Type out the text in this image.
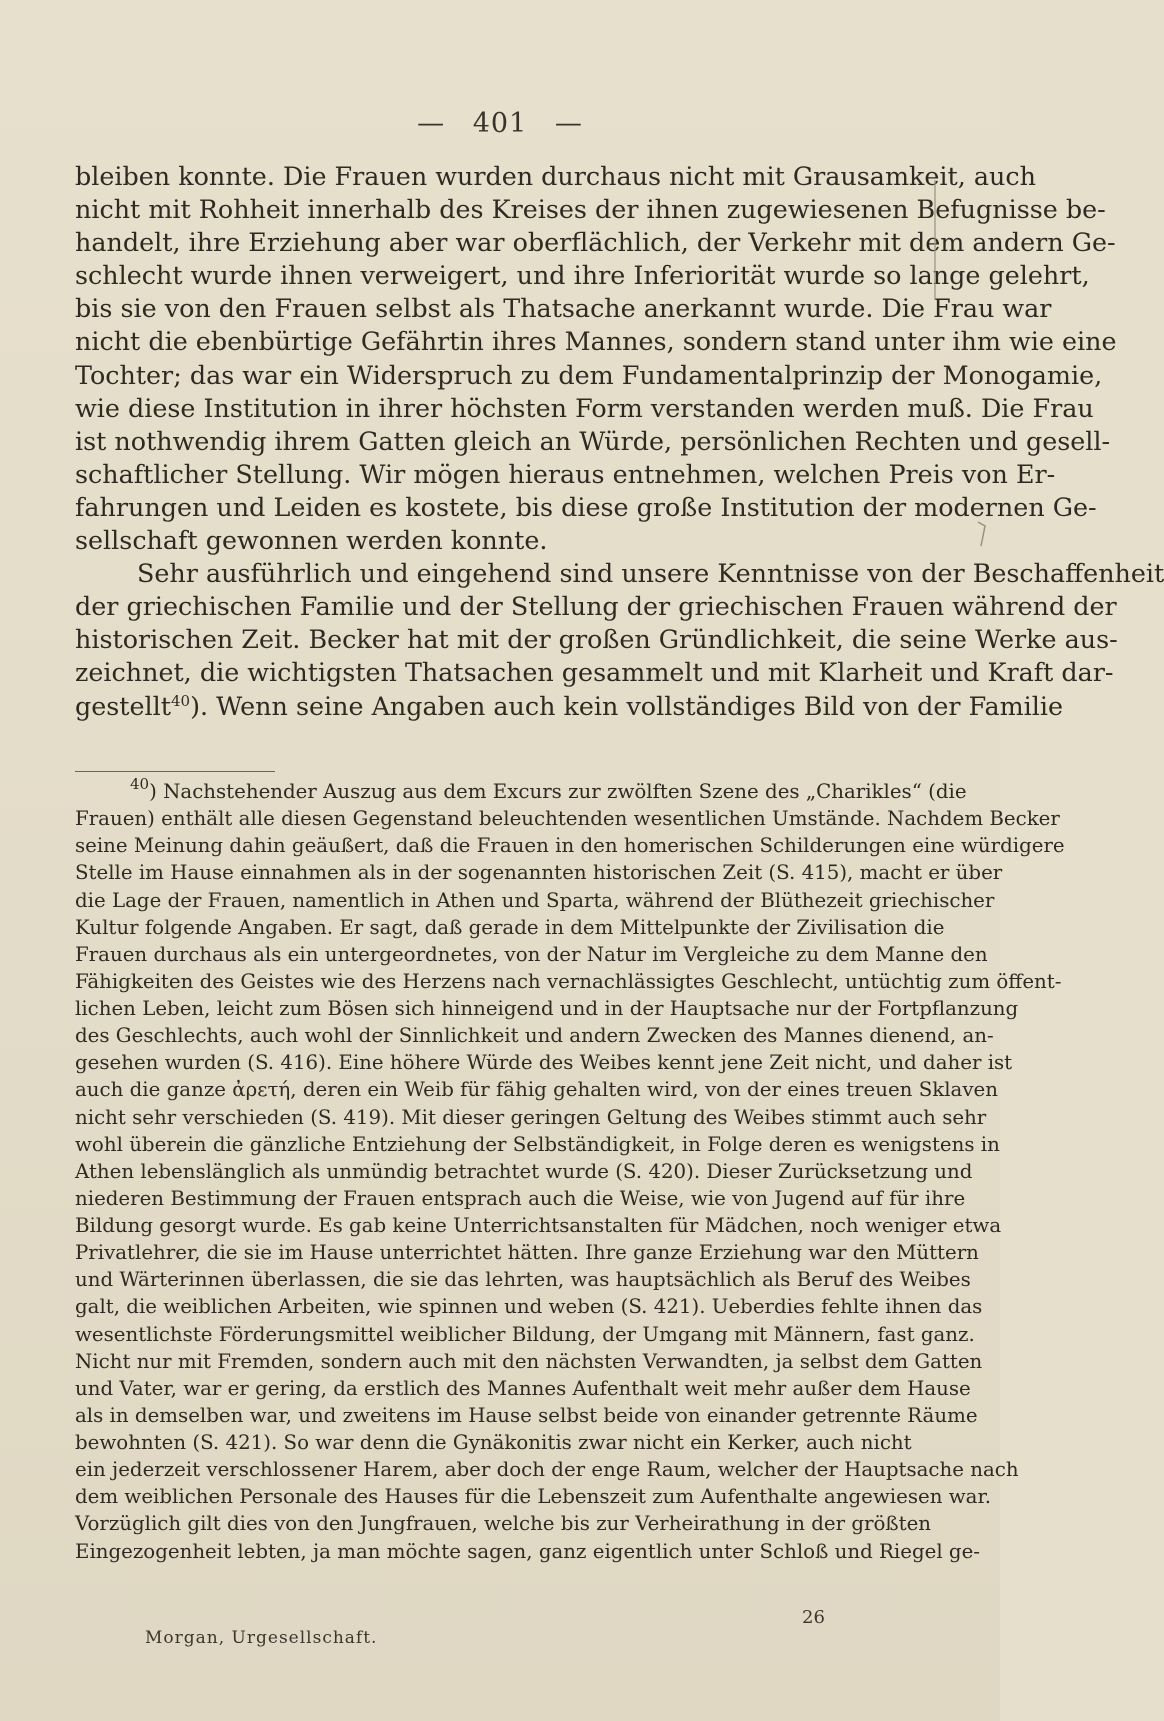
— 401 —
bleiben konnte. Die Frauen wurden durchaus nicht mit Grausamkeit, auch
nicht mit Rohheit innerhalb des Kreises der ihnen zugewiesenen Befugnisse be-
handelt, ihre Erziehung aber war oberflächlich, der Verkehr mit dem andern Ge-
schlecht wurde ihnen verweigert, und ihre Inferiorität wurde so lange gelehrt,
bis sie von den Frauen selbst als Thatsache anerkannt wurde. Die Frau war
nicht die ebenbürtige Gefährtin ihres Mannes, sondern stand unter ihm wie eine
Tochter; das war ein Widerspruch zu dem Fundamentalprinzip der Monogamie,
wie diese Institution in ihrer höchsten Form verstanden werden muß. Die Frau
ist nothwendig ihrem Gatten gleich an Würde, persönlichen Rechten und gesell-
schaftlicher Stellung. Wir mögen hieraus entnehmen, welchen Preis von Er-
fahrungen und Leiden es kostete, bis diese große Institution der modernen Ge-
sellschaft gewonnen werden konnte.
Sehr ausführlich und eingehend sind unsere Kenntnisse von der Beschaffenheit
der griechischen Familie und der Stellung der griechischen Frauen während der
historischen Zeit. Becker hat mit der großen Gründlichkeit, die seine Werke aus-
zeichnet, die wichtigsten Thatsachen gesammelt und mit Klarheit und Kraft dar-
gestellt$^{40}$). Wenn seine Angaben auch kein vollständiges Bild von der Familie
$^{40}$) Nachstehender Auszug aus dem Excurs zur zwölften Szene des „Charikles“ (die
Frauen) enthält alle diesen Gegenstand beleuchtenden wesentlichen Umstände. Nachdem Becker
seine Meinung dahin geäußert, daß die Frauen in den homerischen Schilderungen eine würdigere
Stelle im Hause einnahmen als in der sogenannten historischen Zeit (S. 415), macht er über
die Lage der Frauen, namentlich in Athen und Sparta, während der Blüthezeit griechischer
Kultur folgende Angaben. Er sagt, daß gerade in dem Mittelpunkte der Zivilisation die
Frauen durchaus als ein untergeordnetes, von der Natur im Vergleiche zu dem Manne den
Fähigkeiten des Geistes wie des Herzens nach vernachlässigtes Geschlecht, untüchtig zum öffent-
lichen Leben, leicht zum Bösen sich hinneigend und in der Hauptsache nur der Fortpflanzung
des Geschlechts, auch wohl der Sinnlichkeit und andern Zwecken des Mannes dienend, an-
gesehen wurden (S. 416). Eine höhere Würde des Weibes kennt jene Zeit nicht, und daher ist
auch die ganze ἀρετή, deren ein Weib für fähig gehalten wird, von der eines treuen Sklaven
nicht sehr verschieden (S. 419). Mit dieser geringen Geltung des Weibes stimmt auch sehr
wohl überein die gänzliche Entziehung der Selbständigkeit, in Folge deren es wenigstens in
Athen lebenslänglich als unmündig betrachtet wurde (S. 420). Dieser Zurücksetzung und
niederen Bestimmung der Frauen entsprach auch die Weise, wie von Jugend auf für ihre
Bildung gesorgt wurde. Es gab keine Unterrichtsanstalten für Mädchen, noch weniger etwa
Privatlehrer, die sie im Hause unterrichtet hätten. Ihre ganze Erziehung war den Müttern
und Wärterinnen überlassen, die sie das lehrten, was hauptsächlich als Beruf des Weibes
galt, die weiblichen Arbeiten, wie spinnen und weben (S. 421). Ueberdies fehlte ihnen das
wesentlichste Förderungsmittel weiblicher Bildung, der Umgang mit Männern, fast ganz.
Nicht nur mit Fremden, sondern auch mit den nächsten Verwandten, ja selbst dem Gatten
und Vater, war er gering, da erstlich des Mannes Aufenthalt weit mehr außer dem Hause
als in demselben war, und zweitens im Hause selbst beide von einander getrennte Räume
bewohnten (S. 421). So war denn die Gynäkonitis zwar nicht ein Kerker, auch nicht
ein jederzeit verschlossener Harem, aber doch der enge Raum, welcher der Hauptsache nach
dem weiblichen Personale des Hauses für die Lebenszeit zum Aufenthalte angewiesen war.
Vorzüglich gilt dies von den Jungfrauen, welche bis zur Verheirathung in der größten
Eingezogenheit lebten, ja man möchte sagen, ganz eigentlich unter Schloß und Riegel ge-
Morgan, Urgesellschaft.
26
